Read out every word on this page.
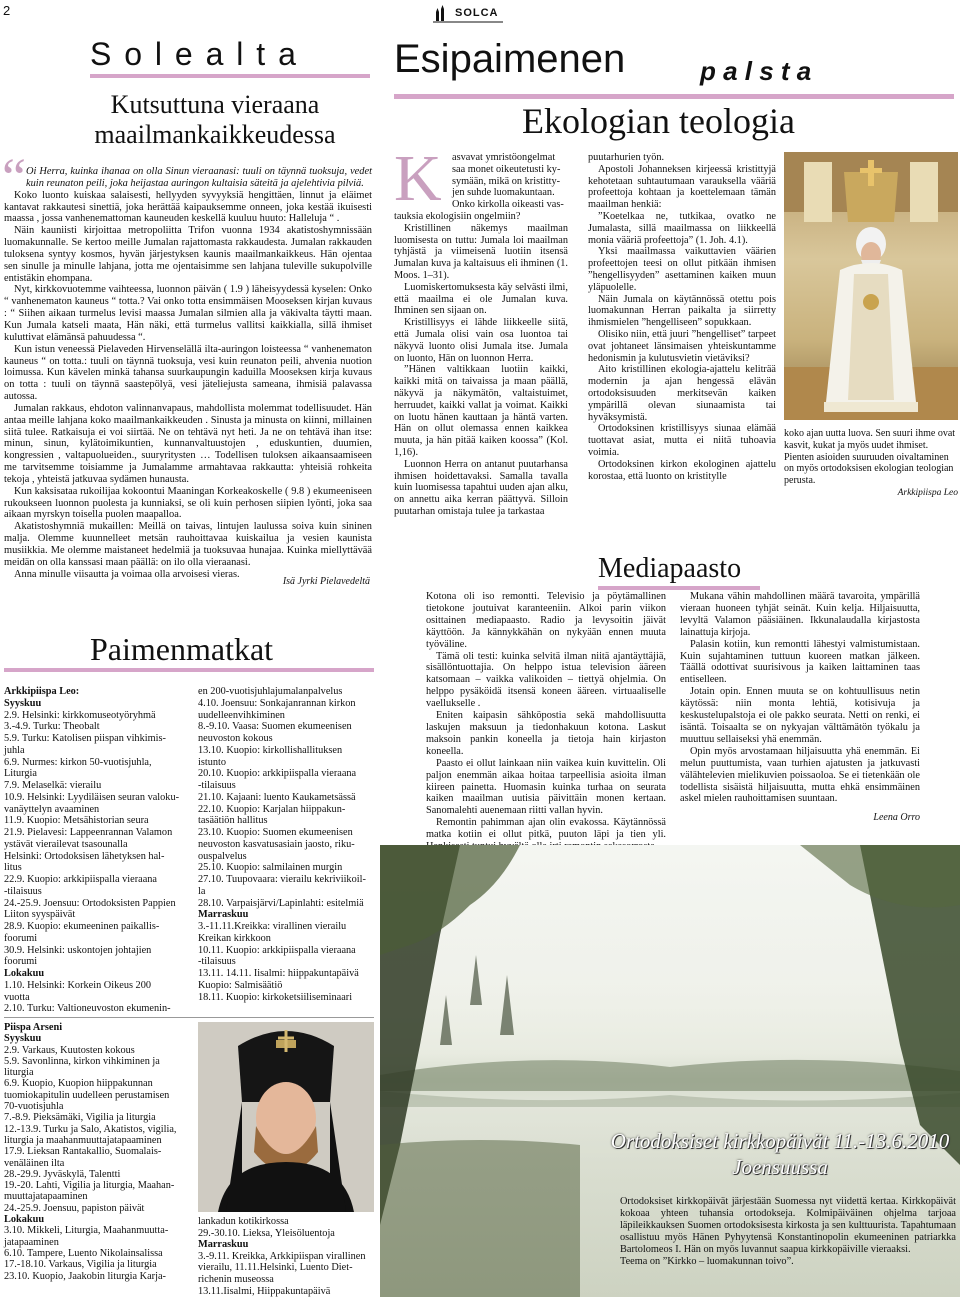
2	SOLCA
S o l e a l t a
Kutsuttuna vieraana
maailmankaikkeudessa
“ Oi Herra, kuinka ihanaa on olla Sinun vieraanasi: tuuli on täynnä tuoksuja, vedet kuin reunaton peili, joka heijastaa auringon kultaisia säteitä ja ajelehtivia pilviä.

Koko luonto kuiskaa salaisesti, hellyyden syvyyksiä hengittäen, linnut ja eläimet kantavat rakkautesi sinettiä, joka herättää kaipauksemme onneen, joka kestää ikuisesti maassa , jossa vanhenemattoman kauneuden keskellä kuuluu huuto: Halleluja “ .

Näin kauniisti kirjoittaa metropoliitta Trifon vuonna 1934 akatistoshymnissään luomakunnalle. Se kertoo meille Jumalan rajattomasta rakkaudesta. Jumalan rakkauden tuloksena syntyy kosmos, hyvän järjestyksen kaunis maailmankaikkeus. Hän ojentaa sen sinulle ja minulle lahjana, jotta me ojentaisimme sen lahjana tuleville sukupolville entistäkin ehompana.

Nyt, kirkkovuotemme vaihteessa, luonnon päivän ( 1.9 ) läheisyydessä kyselen: Onko “ vanhenematon kauneus “ totta.? Vai onko totta ensimmäisen Mooseksen kirjan kuvaus : “ Siihen aikaan turmelus levisi maassa Jumalan silmien alla ja väkivalta täytti maan. Kun Jumala katseli maata, Hän näki, että turmelus vallitsi kaikkialla, sillä ihmiset kuluttivat elämänsä pahuudessa “.

Kun istun veneessä Pielaveden Hirvenselällä ilta-auringon loisteessa “ vanhenematon kauneus “ on totta.: tuuli on täynnä tuoksuja, vesi kuin reunaton peili, ahvenia nuotion loimussa. Kun kävelen minkä tahansa suurkaupungin kaduilla Mooseksen kirja kuvaus on totta : tuuli on täynnä saastepölyä, vesi jäteliejusta sameana, ihmisiä palavassa autossa.

Jumalan rakkaus, ehdoton valinnanvapaus, mahdollista molemmat todellisuudet. Hän antaa meille lahjana koko maailmankaikkeuden . Sinusta ja minusta on kiinni, millainen siitä tulee. Ratkaisuja ei voi siirtää. Ne on tehtävä nyt heti. Ja ne on tehtävä ihan itse: minun, sinun, kylätoimikuntien, kunnanvaltuustojen , eduskuntien, duumien, kongressien , valtapuolueiden., suuryritysten … Todellisen tuloksen aikaansaamiseen me tarvitsemme toisiamme ja Jumalamme armahtavaa rakkautta: yhteisiä rohkeita tekoja , yhteistä jatkuvaa sydämen hunausta.

Kun kaksisataa rukoilijaa kokoontui Maaningan Korkeakoskelle ( 9.8 ) ekumeeniseen rukoukseen luonnon puolesta ja kunniaksi, se oli kuin perhosen siipien lyönti, joka saa aikaan myrskyn toisella puolen maapalloa.

Akatistoshymniä mukaillen: Meillä on taivas, lintujen laulussa soiva kuin sininen malja. Olemme kuunnelleet metsän rauhoittavaa kuiskailua ja vesien kaunista musiikkia. Me olemme maistaneet hedelmiä ja tuoksuvaa hunajaa. Kuinka miellyttävää meidän on olla kanssasi maan päällä: on ilo olla vieraanasi.

Anna minulle viisautta ja voimaa olla arvoisesi vieras.

Isä Jyrki Pielavedeltä
Esipaimenen	p a l s t a
Ekologian teologia
K asvavat ymristöongelmat
saa monet oikeutetusti ky-
symään, mikä on kristitty-
jen suhde luomakuntaan.
Onko kirkolla oikeasti vas-

tauksia ekologisiin ongelmiin?

Kristillinen näkemys maailman luomisesta on tuttu: Jumala loi maailman tyhjästä ja viimeisenä luotiin itsensä Jumalan kuva ja kaltaisuus eli ihminen (1. Moos. 1–31).

Luomiskertomuksesta käy selvästi ilmi, että maailma ei ole Jumalan kuva. Ihminen sen sijaan on.

Kristillisyys ei lähde liikkeelle siitä, että Jumala olisi vain osa luontoa tai näkyvä luonto olisi Jumala itse. Jumala on luonto, Hän on luonnon Herra.

”Hänen valtikkaan luotiin kaikki, kaikki mitä on taivaissa ja maan päällä, näkyvä ja näkymätön, valtaistuimet, herruudet, kaikki vallat ja voimat. Kaikki on luotu hänen kauttaan ja häntä varten. Hän on ollut olemassa ennen kaikkea muuta, ja hän pitää kaiken koossa” (Kol. 1,16).

Luonnon Herra on antanut puutarhansa ihmisen hoidettavaksi. Samalla tavalla kuin luomisessa tapahtui uuden ajan alku, on annettu aika kerran päättyvä. Silloin puutarhan omistaja tulee ja tarkastaa

puutarhurien työn.

Apostoli Johanneksen kirjeessä kristittyjä kehotetaan suhtautumaan varauksella vääriä profeettoja kohtaan ja koettelemaan tämän maailman henkiä:

”Koetelkaa ne, tutkikaa, ovatko ne Jumalasta, sillä maailmassa on liikkeellä monia vääriä profeettoja” (1. Joh. 4.1).

Yksi maailmassa vaikuttavien väärien profeettojen teesi on ollut pitkään ihmisen ”hengellisyyden” asettaminen kaiken muun yläpuolelle.

Näin Jumala on käytännössä otettu pois luomakunnan Herran paikalta ja siirretty ihmismielen ”hengelliseen” sopukkaan.

Olisiko niin, että juuri ”hengelliset” tarpeet ovat johtaneet länsimaisen yhteiskuntamme hedonismin ja kulutusvietin vietäviksi?

Aito kristillinen ekologia-ajattelu keliträä modernin ja ajan hengessä elävän ortodoksisuuden merkitsevän kaiken ympärillä olevan siunaamista tai hyväksymistä.

Ortodoksinen kristillisyys siunaa elämää tuottavat asiat, mutta ei niitä tuhoavia voimia.

Ortodoksinen kirkon ekologinen ajattelu korostaa, että luonto on kristitylle

koko ajan uutta luova. Sen suuri ihme ovat kasvit, kukat ja myös uudet ihmiset. Pienten asioiden suuruuden oivaltaminen on myös ortodoksisen ekologian teologian perusta.
Arkkipiispa Leo
Mediapaasto

Kotona oli iso remontti. Televisio ja pöytämallinen tietokone joutuivat karanteeniin. Alkoi parin viikon osittainen mediapaasto. Radio ja levysoitin jäivät käyttöön. Ja kännykkähän on nykyään ennen muuta työväline.

Tämä oli testi: kuinka selvitä ilman niitä ajantäyttäjiä, sisällöntuottajia. On helppo istua television ääreen katsomaan – vaikka valikoiden – tiettyä ohjelmia. On helppo pysäköidä itsensä koneen ääreen. virtuaaliselle vaellukselle .

Eniten kaipasin sähköpostia sekä mahdollisuutta laskujen maksuun ja tiedonhakuun kotona. Laskut maksoin pankin koneella ja tietoja hain kirjaston koneella.

Paasto ei ollut lainkaan niin vaikea kuin kuvittelin. Oli paljon enemmän aikaa hoitaa tarpeellisia asioita ilman kiireen painetta. Huomasin kuinka turhaa on seurata kaiken maailman uutisia päivittäin monen kertaan. Sanomalehti auenemaan riitti vallan hyvin.

Remontin pahimman ajan olin evakossa. Käytännössä matka kotiin ei ollut pitkä, puuton läpi ja tien yli.

Mukana vähin mahdollinen määrä tavaroita, ympärillä vieraan huoneen tyhjät seinät. Kuin kelja. Hiljaisuutta, levyltä Valamon pääsiäinen. Ikkunalaudalla kirjastosta lainattuja kirjoja.

Palasin kotiin, kun remontti lähestyi valmistumistaan. Kuin sujahtaminen tuttuun kuoreen matkan jälkeen. Täällä odottivat suurisivous ja kaiken laittaminen taas entiselleen.

Jotain opin. Ennen muuta se on kohtuullisuus netin käytössä: niin monta lehtiä, kotisivuja ja keskustelupalstoja ei ole pakko seurata. Netti on renki, ei isäntä. Toisaalta se on nykyajan välttämätön työkalu ja muuttuu sellaiseksi yhä enemmän.

Opin myös arvostamaan hiljaisuutta yhä enemmän. Ei melun puuttumista, vaan turhien ajatusten ja jatkuvasti välähtelevien mielikuvien poissaoloa. Se ei tietenkään ole todellista sisäistä hiljaisuutta, mutta ehkä ensimmäinen askel mielen rauhoittamisen suuntaan.

Leena Orro
Paimenmatkat
Arkkipiispa Leo:
Syyskuu
2.9. Helsinki: kirkkomuseotyöryhmä
3.-4.9. Turku: Theobalt
5.9. Turku: Katolisen piispan vihkimis-
juhla
6.9. Nurmes: kirkon 50-vuotisjuhla,
Liturgia
7.9. Melaselkä: vierailu
10.9. Helsinki: Lyydiläisen seuran valoku-
vanäyttelyn avaaminen
11.9. Kuopio: Metsähistorian seura
21.9. Pielavesi: Lappeenrannan Valamon
ystävät vierailevat tsasounalla
Helsinki: Ortodoksisen lähetyksen hal-
litus
22.9. Kuopio: arkkipiispalla vieraana
-tilaisuus
24.-25.9. Joensuu: Ortodoksisten Pappien
Liiton syyspäivät
28.9. Kuopio: ekumeeninen paikallis-
foorumi
30.9. Helsinki: uskontojen johtajien
foorumi
Lokakuu
1.10. Helsinki: Korkein Oikeus 200
vuotta
2.10. Turku: Valtioneuvoston ekumenin-
en 200-vuotisjuhlajumalanpalvelus
4.10. Joensuu: Sonkajanrannan kirkon
uudelleenvihkiminen
8.-9.10. Vaasa: Suomen ekumeenisen
neuvoston kokous
13.10. Kuopio: kirkollishallituksen
istunto
20.10. Kuopio: arkkipiispalla vieraana
-tilaisuus
21.10. Kajaani: luento Kaukametsässä
22.10. Kuopio: Karjalan hiippakun-
tasäätiön hallitus
23.10. Kuopio: Suomen ekumeenisen
neuvoston kasvatusasiain jaosto, riku-
ouspalvelus
25.10. Kuopio: salmilainen murgin
27.10. Tuupovaara: vierailu kekriviikoil-
la
28.10. Varpaisjärvi/Lapinlahti: esitelmiä
Marraskuu
3.-11.11.Kreikka: virallinen vierailu
Kreikan kirkkoon
10.11. Kuopio: arkkipiispalla vieraana
-tilaisuus
13.11. 14.11. Iisalmi: hiippakuntapäivä
Kuopio: Salmisäätiö
18.11. Kuopio: kirkoketsiiliseminaari
Piispa Arseni
Syyskuu
2.9. Varkaus, Kuutosten kokous
5.9. Savonlinna, kirkon vihkiminen ja
liturgia
6.9. Kuopio, Kuopion hiippakunnan
tuomiokapitulin uudelleen perustamisen
70-vuotisjuhla
7.-8.9. Pieksämäki, Vigilia ja liturgia
12.-13.9. Turku ja Salo, Akatistos, vigilia,
liturgia ja maahanmuuttajatapaaminen
17.9. Lieksan Rantakallio, Suomalais-
venäläinen ilta
28.-29.9. Jyväskylä, Talentti
19.-20. Lahti, Vigilia ja liturgia, Maahan-
muuttajatapaaminen
24.-25.9. Joensuu, papiston päivät
Lokakuu
3.10. Mikkeli, Liturgia, Maahanmuutta-
jatapaaminen
6.10. Tampere, Luento Nikolainsalissa
17.-18.10. Varkaus, Vigilia ja liturgia
23.10. Kuopio, Jaakobin liturgia Karja-
lankadun kotikirkossa
29.-30.10. Lieksa, Yleisöluentoja
Marraskuu
3.-9.11. Kreikka, Arkkipiispan virallinen
vierailu, 11.11.Helsinki, Luento Diet-
richenin museossa
13.11.Iisalmi, Hiippakuntapäivä
Ortodoksiset kirkkopäivät 11.-13.6.2010
Joensuussa

Ortodoksiset kirkkopäivät järjestään Suomessa nyt viidettä kertaa. Kirkkopäivät kokoaa yhteen tuhansia ortodokseja. Kolmipäiväinen ohjelma tarjoaa läpileikkauksen Suomen ortodoksisesta kirkosta ja sen kulttuurista. Tapahtumaan osallistuu myös Hänen Pyhyytensä Konstantinopolin ekumeeninen patriarkka Bartolomeos I. Hän on myös luvannut saapua kirkkopäiville vieraaksi.

Teema on ”Kirkko – luomakunnan toivo”.
